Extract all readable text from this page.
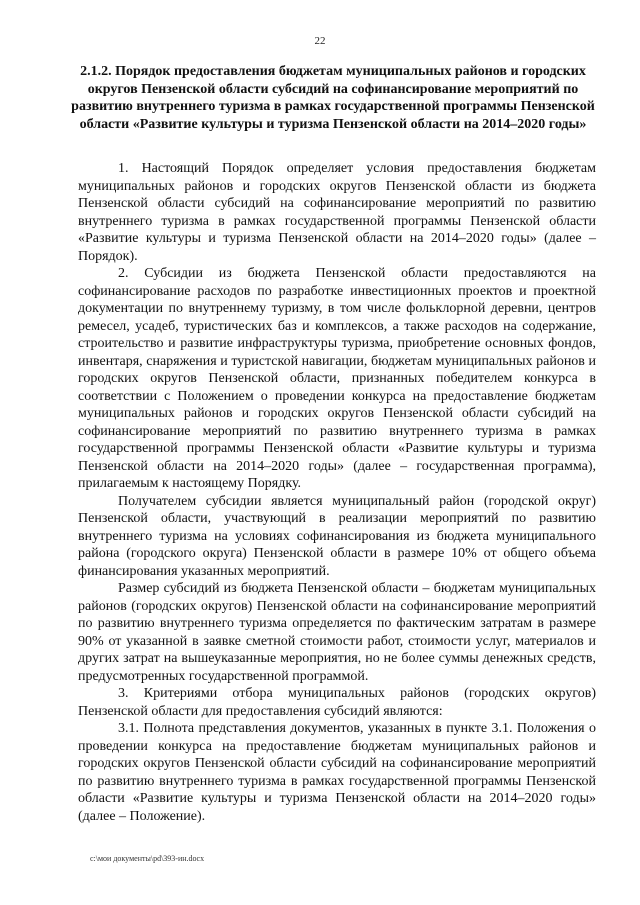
22
2.1.2. Порядок предоставления бюджетам муниципальных районов и городских округов Пензенской области субсидий на софинансирование мероприятий по развитию внутреннего туризма в рамках государственной программы Пензенской области «Развитие культуры и туризма Пензенской области на 2014–2020 годы»

1. Настоящий Порядок определяет условия предоставления бюджетам муниципальных районов и городских округов Пензенской области из бюджета Пензенской области субсидий на софинансирование мероприятий по развитию внутреннего туризма в рамках государственной программы Пензенской области «Развитие культуры и туризма Пензенской области на 2014–2020 годы» (далее – Порядок).

2. Субсидии из бюджета Пензенской области предоставляются на софинансирование расходов по разработке инвестиционных проектов и проектной документации по внутреннему туризму, в том числе фольклорной деревни, центров ремесел, усадеб, туристических баз и комплексов, а также расходов на содержание, строительство и развитие инфраструктуры туризма, приобретение основных фондов, инвентаря, снаряжения и туристской навигации, бюджетам муниципальных районов и городских округов Пензенской области, признанных победителем конкурса в соответствии с Положением о проведении конкурса на предоставление бюджетам муниципальных районов и городских округов Пензенской области субсидий на софинансирование мероприятий по развитию внутреннего туризма в рамках государственной программы Пензенской области «Развитие культуры и туризма Пензенской области на 2014–2020 годы» (далее – государственная программа), прилагаемым к настоящему Порядку.

Получателем субсидии является муниципальный район (городской округ) Пензенской области, участвующий в реализации мероприятий по развитию внутреннего туризма на условиях софинансирования из бюджета муниципального района (городского округа) Пензенской области в размере 10% от общего объема финансирования указанных мероприятий.

Размер субсидий из бюджета Пензенской области – бюджетам муниципальных районов (городских округов) Пензенской области на софинансирование мероприятий по развитию внутреннего туризма определяется по фактическим затратам в размере 90% от указанной в заявке сметной стоимости работ, стоимости услуг, материалов и других затрат на вышеуказанные мероприятия, но не более суммы денежных средств, предусмотренных государственной программой.

3. Критериями отбора муниципальных районов (городских округов) Пензенской области для предоставления субсидий являются:

3.1. Полнота представления документов, указанных в пункте 3.1. Положения о проведении конкурса на предоставление бюджетам муниципальных районов и городских округов Пензенской области субсидий на софинансирование мероприятий по развитию внутреннего туризма в рамках государственной программы Пензенской области «Развитие культуры и туризма Пензенской области на 2014–2020 годы» (далее – Положение).

c:\мои документы\pd\393-ин.docx
